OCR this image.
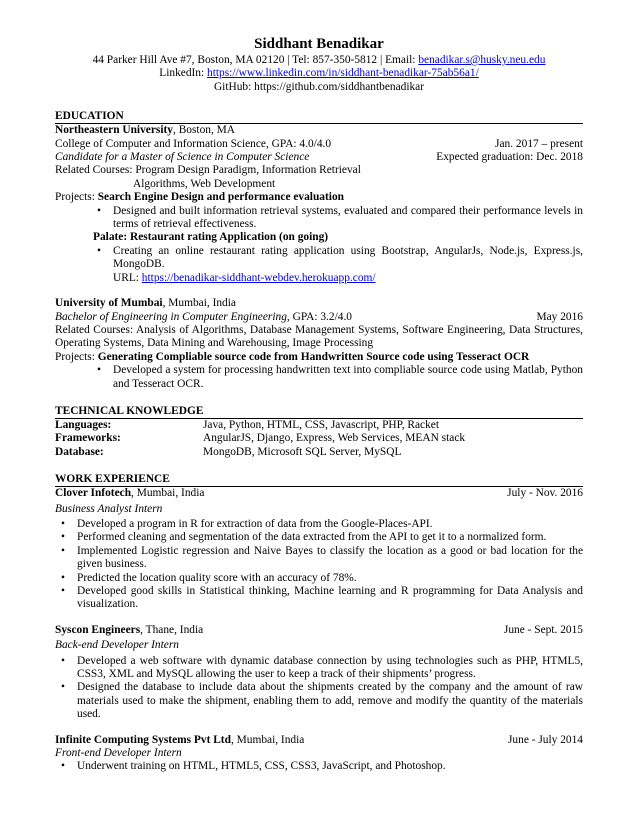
Siddhant Benadikar
44 Parker Hill Ave #7, Boston, MA 02120 | Tel: 857-350-5812 | Email: benadikar.s@husky.neu.edu
LinkedIn: https://www.linkedin.com/in/siddhant-benadikar-75ab56a1/
GitHub: https://github.com/siddhantbenadikar
EDUCATION
Northeastern University, Boston, MA
College of Computer and Information Science, GPA: 4.0/4.0	Jan. 2017 – present
Candidate for a Master of Science in Computer Science	Expected graduation: Dec. 2018
Related Courses: Program Design Paradigm, Information Retrieval
Algorithms, Web Development
Projects: Search Engine Design and performance evaluation
• Designed and built information retrieval systems, evaluated and compared their performance levels in terms of retrieval effectiveness.
Palate: Restaurant rating Application (on going)
• Creating an online restaurant rating application using Bootstrap, AngularJs, Node.js, Express.js, MongoDB.
URL: https://benadikar-siddhant-webdev.herokuapp.com/
University of Mumbai, Mumbai, India
Bachelor of Engineering in Computer Engineering, GPA: 3.2/4.0	May 2016
Related Courses: Analysis of Algorithms, Database Management Systems, Software Engineering, Data Structures, Operating Systems, Data Mining and Warehousing, Image Processing
Projects: Generating Compliable source code from Handwritten Source code using Tesseract OCR
• Developed a system for processing handwritten text into compliable source code using Matlab, Python and Tesseract OCR.
TECHNICAL KNOWLEDGE
Languages:	Java, Python, HTML, CSS, Javascript, PHP, Racket
Frameworks:	AngularJS, Django, Express, Web Services, MEAN stack
Database:	MongoDB, Microsoft SQL Server, MySQL
WORK EXPERIENCE
Clover Infotech, Mumbai, India	July - Nov. 2016
Business Analyst Intern
• Developed a program in R for extraction of data from the Google-Places-API.
• Performed cleaning and segmentation of the data extracted from the API to get it to a normalized form.
• Implemented Logistic regression and Naive Bayes to classify the location as a good or bad location for the given business.
• Predicted the location quality score with an accuracy of 78%.
• Developed good skills in Statistical thinking, Machine learning and R programming for Data Analysis and visualization.
Syscon Engineers, Thane, India	June - Sept. 2015
Back-end Developer Intern
• Developed a web software with dynamic database connection by using technologies such as PHP, HTML5, CSS3, XML and MySQL allowing the user to keep a track of their shipments’ progress.
• Designed the database to include data about the shipments created by the company and the amount of raw materials used to make the shipment, enabling them to add, remove and modify the quantity of the materials used.
Infinite Computing Systems Pvt Ltd, Mumbai, India	June - July 2014
Front-end Developer Intern
• Underwent training on HTML, HTML5, CSS, CSS3, JavaScript, and Photoshop.
